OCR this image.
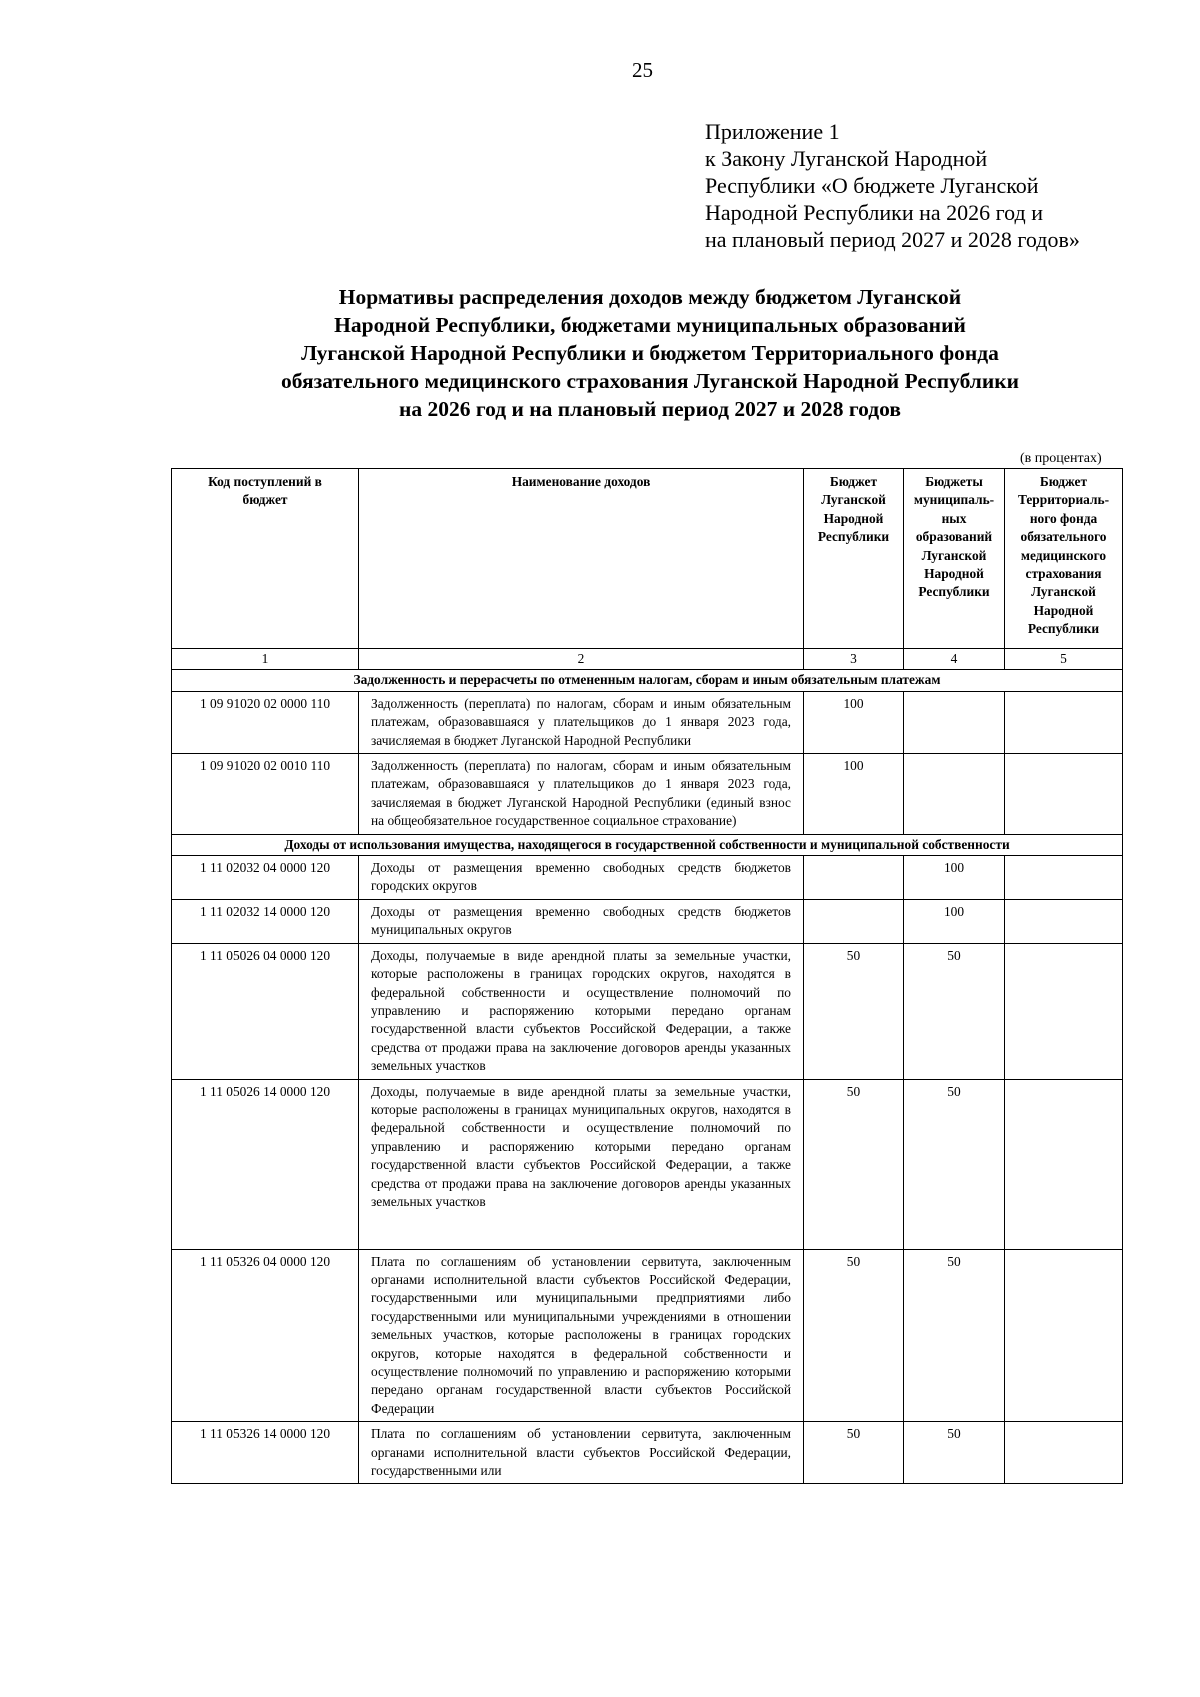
25
Приложение 1
к Закону Луганской Народной
Республики «О бюджете Луганской
Народной Республики на 2026 год и
на плановый период 2027 и 2028 годов»
Нормативы распределения доходов между бюджетом Луганской
Народной Республики, бюджетами муниципальных образований
Луганской Народной Республики и бюджетом Территориального фонда
обязательного медицинского страхования Луганской Народной Республики
на 2026 год и на плановый период 2027 и 2028 годов
(в процентах)
Код поступлений в бюджет	Наименование доходов	Бюджет Луганской Народной Республики	Бюджеты муниципаль-ных образований Луганской Народной Республики	Бюджет Территориаль-ного фонда обязательного медицинского страхования Луганской Народной Республики
1	2	3	4	5
Задолженность и перерасчеты по отмененным налогам, сборам и иным обязательным платежам				
1 09 91020 02 0000 110	Задолженность (переплата) по налогам, сборам и иным обязательным платежам, образовавшаяся у плательщиков до 1 января 2023 года, зачисляемая в бюджет Луганской Народной Республики	100		
1 09 91020 02 0010 110	Задолженность (переплата) по налогам, сборам и иным обязательным платежам, образовавшаяся у плательщиков до 1 января 2023 года, зачисляемая в бюджет Луганской Народной Республики (единый взнос на общеобязательное государственное социальное страхование)	100		
Доходы от использования имущества, находящегося в государственной собственности и муниципальной собственности				
1 11 02032 04 0000 120	Доходы от размещения временно свободных средств бюджетов городских округов		100	
1 11 02032 14 0000 120	Доходы от размещения временно свободных средств бюджетов муниципальных округов		100	
1 11 05026 04 0000 120	Доходы, получаемые в виде арендной платы за земельные участки, которые расположены в границах городских округов, находятся в федеральной собственности и осуществление полномочий по управлению и распоряжению которыми передано органам государственной власти субъектов Российской Федерации, а также средства от продажи права на заключение договоров аренды указанных земельных участков	50	50	
1 11 05026 14 0000 120	Доходы, получаемые в виде арендной платы за земельные участки, которые расположены в границах муниципальных округов, находятся в федеральной собственности и осуществление полномочий по управлению и распоряжению которыми передано органам государственной власти субъектов Российской Федерации, а также средства от продажи права на заключение договоров аренды указанных земельных участков	50	50	
1 11 05326 04 0000 120	Плата по соглашениям об установлении сервитута, заключенным органами исполнительной власти субъектов Российской Федерации, государственными или муниципальными предприятиями либо государственными или муниципальными учреждениями в отношении земельных участков, которые расположены в границах городских округов, которые находятся в федеральной собственности и осуществление полномочий по управлению и распоряжению которыми передано органам государственной власти субъектов Российской Федерации	50	50	
1 11 05326 14 0000 120	Плата по соглашениям об установлении сервитута, заключенным органами исполнительной власти субъектов Российской Федерации, государственными или	50	50	
